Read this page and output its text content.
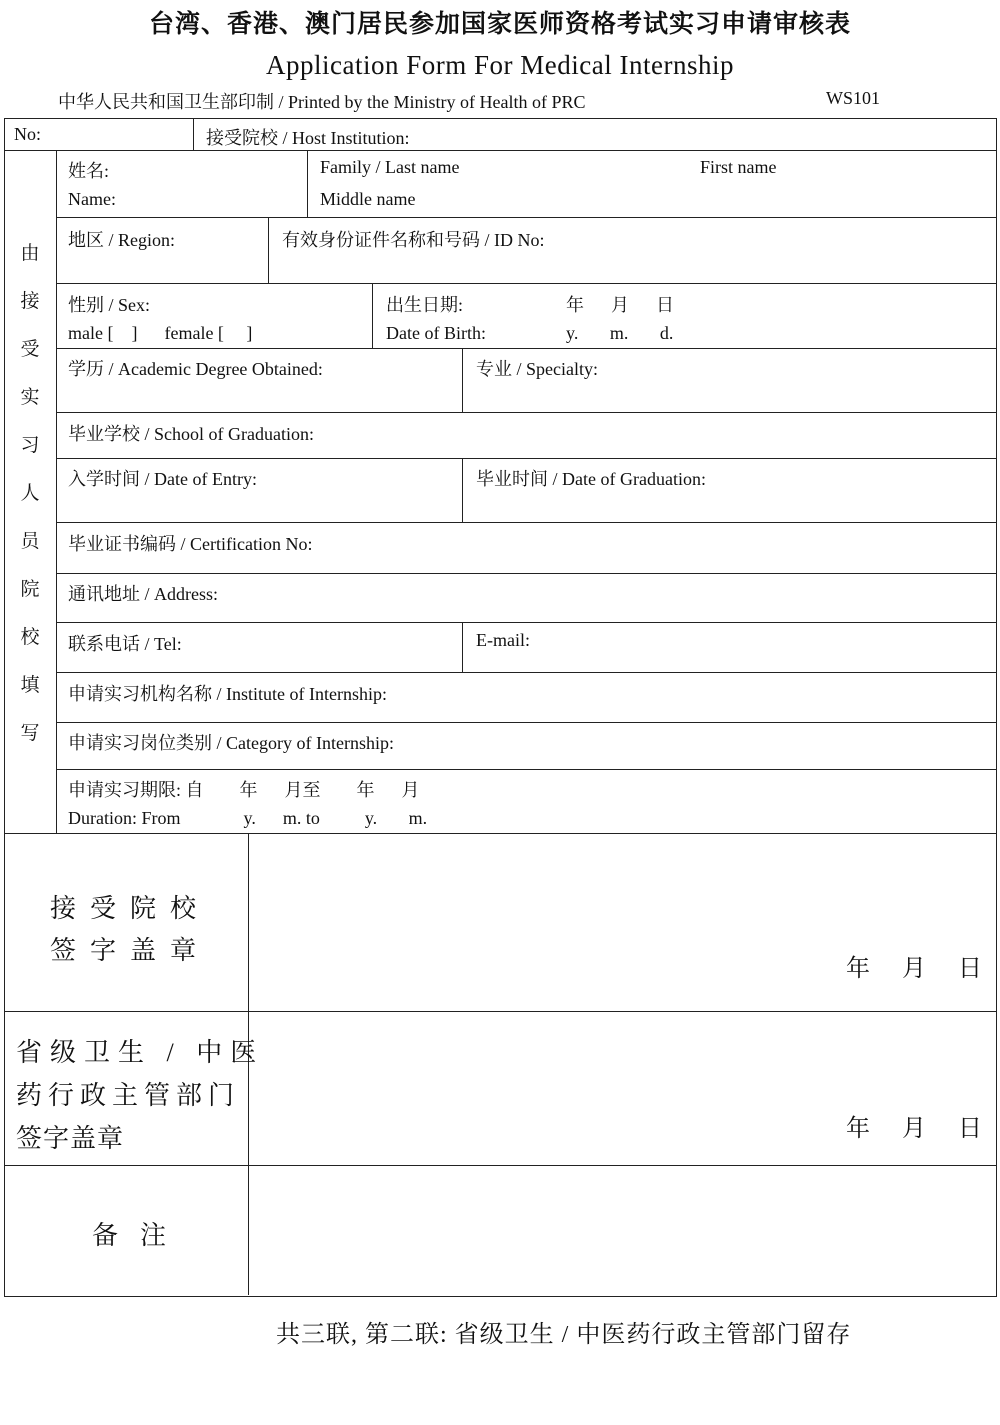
台湾、香港、澳门居民参加国家医师资格考试实习申请审核表
Application Form For Medical Internship
中华人民共和国卫生部印制 / Printed by the Ministry of Health of PRC	WS101
No:	接受院校 / Host Institution:
由
接
受
实
习
人
员
院
校
填
写
姓名:
Name:
Family / Last name	First name
Middle name
地区 / Region:	有效身份证件名称和号码 / ID No:
性别 / Sex:
male [    ]      female [     ]
出生日期:	年      月      日
Date of Birth:	y.       m.       d.
学历 / Academic Degree Obtained:	专业 / Specialty:
毕业学校 / School of Graduation:
入学时间 / Date of Entry:	毕业时间 / Date of Graduation:
毕业证书编码 / Certification No:
通讯地址 / Address:
联系电话 / Tel:	E-mail:
申请实习机构名称 / Institute of Internship:
申请实习岗位类别 / Category of Internship:
申请实习期限: 自        年      月至        年      月
Duration: From              y.      m. to          y.       m.
接受院校
签字盖章
年 月 日
省级卫生 / 中医
药行政主管部门
签字盖章	年 月 日
备注
共三联, 第二联: 省级卫生 / 中医药行政主管部门留存
